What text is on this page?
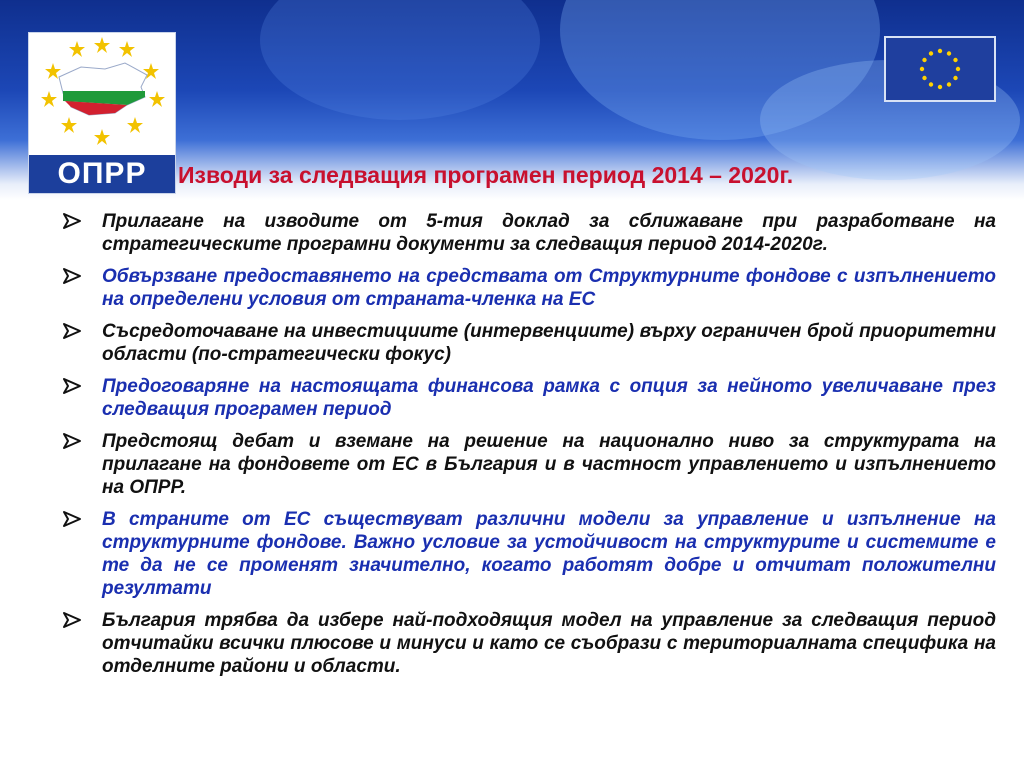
ОПРР	Изводи за следващия програмен период 2014 – 2020г.
Прилагане на изводите от 5-тия доклад за сближаване при разработване на стратегическите програмни документи за следващия период 2014-2020г.
Обвързване предоставянето на средствата от Структурните фондове с изпълнението на определени условия от страната-членка на ЕС
Съсредоточаване на инвестициите (интервенциите) върху ограничен брой приоритетни области (по-стратегически фокус)
Предоговаряне на настоящата финансова рамка с опция за нейното увеличаване през следващия програмен период
Предстоящ дебат и вземане на решение на национално ниво за структурата на прилагане на фондовете от ЕС в България и в частност управлението и изпълнението на ОПРР.
В страните от ЕС съществуват различни модели за управление и изпълнение на структурните фондове. Важно условие за устойчивост на структурите и системите е те да не се променят значително, когато работят добре и отчитат положителни резултати
България трябва да избере най-подходящия модел на управление за следващия период отчитайки всички плюсове и минуси и като се съобрази с териториалната специфика на отделните райони и области.
